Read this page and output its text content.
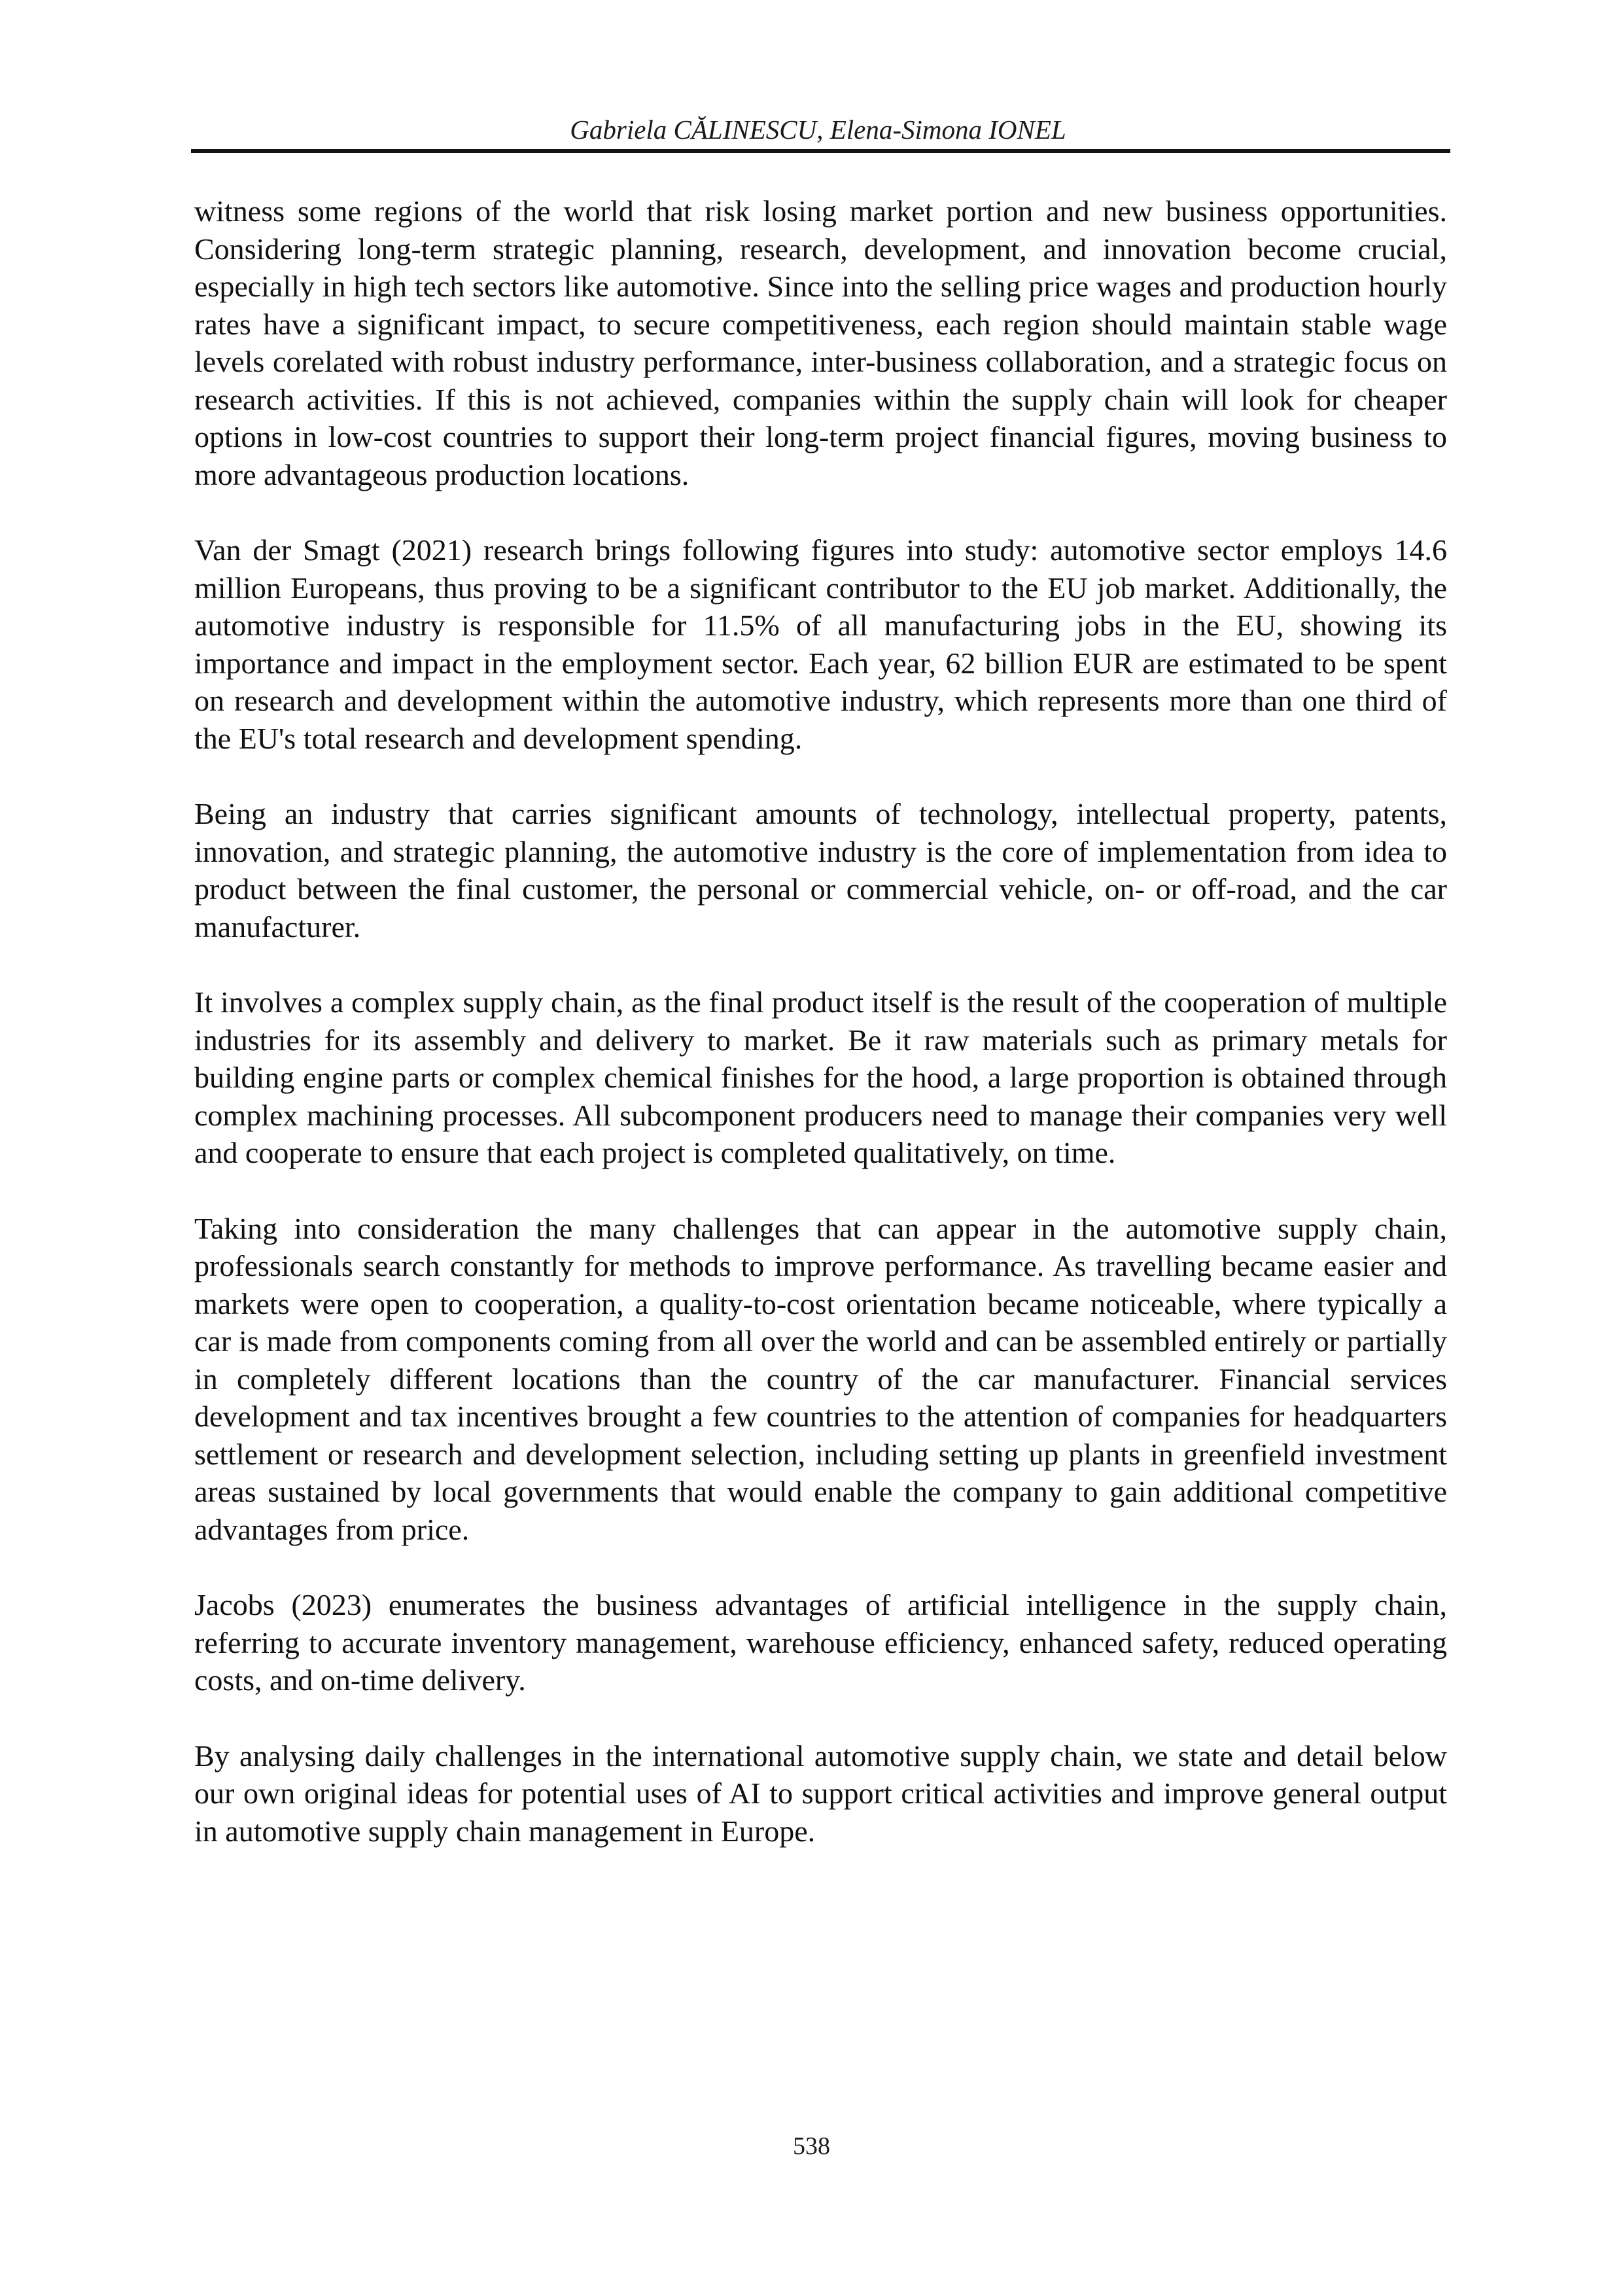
Gabriela CĂLINESCU, Elena-Simona IONEL

witness some regions of the world that risk losing market portion and new business opportunities. Considering long-term strategic planning, research, development, and innovation become crucial, especially in high tech sectors like automotive. Since into the selling price wages and production hourly rates have a significant impact, to secure competitiveness, each region should maintain stable wage levels corelated with robust industry performance, inter-business collaboration, and a strategic focus on research activities. If this is not achieved, companies within the supply chain will look for cheaper options in low-cost countries to support their long-term project financial figures, moving business to more advantageous production locations.

Van der Smagt (2021) research brings following figures into study: automotive sector employs 14.6 million Europeans, thus proving to be a significant contributor to the EU job market. Additionally, the automotive industry is responsible for 11.5% of all manufacturing jobs in the EU, showing its importance and impact in the employment sector. Each year, 62 billion EUR are estimated to be spent on research and development within the automotive industry, which represents more than one third of the EU's total research and development spending.

Being an industry that carries significant amounts of technology, intellectual property, patents, innovation, and strategic planning, the automotive industry is the core of implementation from idea to product between the final customer, the personal or commercial vehicle, on- or off-road, and the car manufacturer.

It involves a complex supply chain, as the final product itself is the result of the cooperation of multiple industries for its assembly and delivery to market. Be it raw materials such as primary metals for building engine parts or complex chemical finishes for the hood, a large proportion is obtained through complex machining processes. All subcomponent producers need to manage their companies very well and cooperate to ensure that each project is completed qualitatively, on time.

Taking into consideration the many challenges that can appear in the automotive supply chain, professionals search constantly for methods to improve performance. As travelling became easier and markets were open to cooperation, a quality-to-cost orientation became noticeable, where typically a car is made from components coming from all over the world and can be assembled entirely or partially in completely different locations than the country of the car manufacturer. Financial services development and tax incentives brought a few countries to the attention of companies for headquarters settlement or research and development selection, including setting up plants in greenfield investment areas sustained by local governments that would enable the company to gain additional competitive advantages from price.

Jacobs (2023) enumerates the business advantages of artificial intelligence in the supply chain, referring to accurate inventory management, warehouse efficiency, enhanced safety, reduced operating costs, and on-time delivery.

By analysing daily challenges in the international automotive supply chain, we state and detail below our own original ideas for potential uses of AI to support critical activities and improve general output in automotive supply chain management in Europe.

538
